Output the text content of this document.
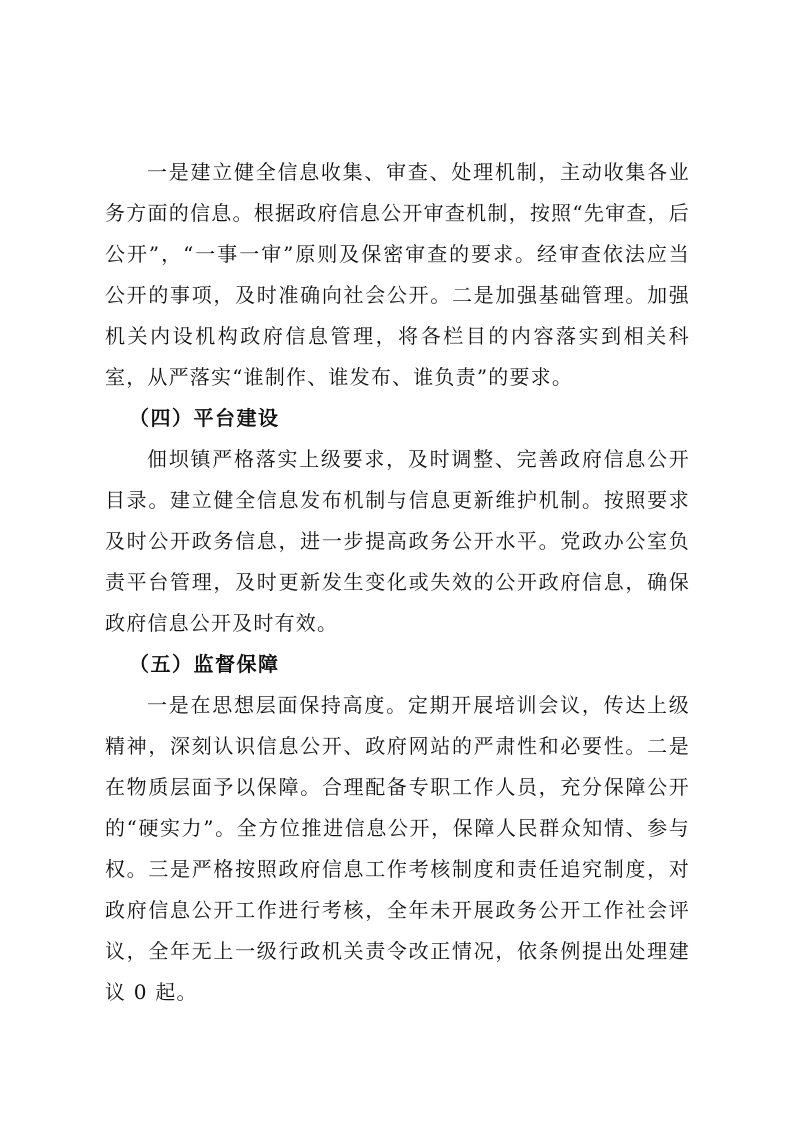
一是建立健全信息收集、审查、处理机制，主动收集各业务方面的信息。根据政府信息公开审查机制，按照“先审查，后公开”，“一事一审”原则及保密审查的要求。经审查依法应当公开的事项，及时准确向社会公开。二是加强基础管理。加强机关内设机构政府信息管理，将各栏目的内容落实到相关科室，从严落实“谁制作、谁发布、谁负责”的要求。

（四）平台建设

佃坝镇严格落实上级要求，及时调整、完善政府信息公开目录。建立健全信息发布机制与信息更新维护机制。按照要求及时公开政务信息，进一步提高政务公开水平。党政办公室负责平台管理，及时更新发生变化或失效的公开政府信息，确保政府信息公开及时有效。

（五）监督保障

一是在思想层面保持高度。定期开展培训会议，传达上级精神，深刻认识信息公开、政府网站的严肃性和必要性。二是在物质层面予以保障。合理配备专职工作人员，充分保障公开的“硬实力”。全方位推进信息公开，保障人民群众知情、参与权。三是严格按照政府信息工作考核制度和责任追究制度，对政府信息公开工作进行考核，全年未开展政务公开工作社会评议，全年无上一级行政机关责令改正情况，依条例提出处理建议 0 起。
